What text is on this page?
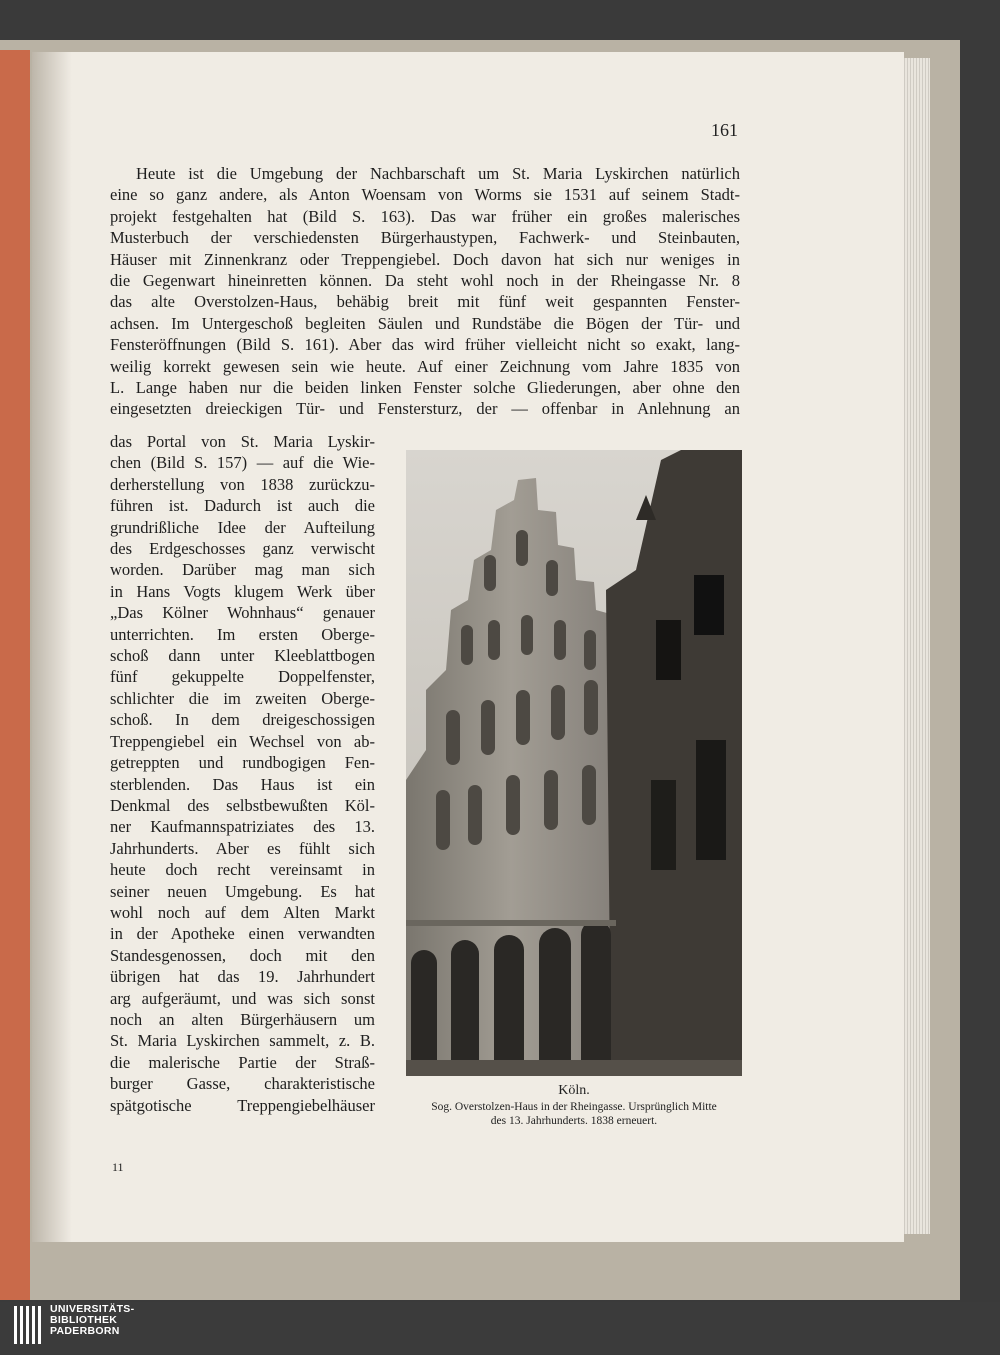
161

Heute ist die Umgebung der Nachbarschaft um St. Maria Lyskirchen natürlich

eine so ganz andere, als Anton Woensam von Worms sie 1531 auf seinem Stadt-

projekt festgehalten hat (Bild S. 163). Das war früher ein großes malerisches

Musterbuch der verschiedensten Bürgerhaustypen, Fachwerk- und Steinbauten,

Häuser mit Zinnenkranz oder Treppengiebel. Doch davon hat sich nur weniges in

die Gegenwart hineinretten können. Da steht wohl noch in der Rheingasse Nr. 8

das alte Overstolzen-Haus, behäbig breit mit fünf weit gespannten Fenster-

achsen. Im Untergeschoß begleiten Säulen und Rundstäbe die Bögen der Tür- und

Fensteröffnungen (Bild S. 161). Aber das wird früher vielleicht nicht so exakt, lang-

weilig korrekt gewesen sein wie heute. Auf einer Zeichnung vom Jahre 1835 von

L. Lange haben nur die beiden linken Fenster solche Gliederungen, aber ohne den

eingesetzten dreieckigen Tür- und Fenstersturz, der — offenbar in Anlehnung an

das Portal von St. Maria Lyskir-

chen (Bild S. 157) — auf die Wie-

derherstellung von 1838 zurückzu-

führen ist. Dadurch ist auch die

grundrißliche Idee der Aufteilung

des Erdgeschosses ganz verwischt

worden. Darüber mag man sich

in Hans Vogts klugem Werk über

„Das Kölner Wohnhaus“ genauer

unterrichten. Im ersten Oberge-

schoß dann unter Kleeblattbogen

fünf gekuppelte Doppelfenster,

schlichter die im zweiten Oberge-

schoß. In dem dreigeschossigen

Treppengiebel ein Wechsel von ab-

getreppten und rundbogigen Fen-

sterblenden. Das Haus ist ein

Denkmal des selbstbewußten Köl-

ner Kaufmannspatriziates des 13.

Jahrhunderts. Aber es fühlt sich

heute doch recht vereinsamt in

seiner neuen Umgebung. Es hat

wohl noch auf dem Alten Markt

in der Apotheke einen verwandten

Standesgenossen, doch mit den

übrigen hat das 19. Jahrhundert

arg aufgeräumt, und was sich sonst

noch an alten Bürgerhäusern um

St. Maria Lyskirchen sammelt, z. B.

die malerische Partie der Straß-

burger Gasse, charakteristische

spätgotische Treppengiebelhäuser

Köln.
Sog. Overstolzen-Haus in der Rheingasse. Ursprünglich Mitte
des 13. Jahrhunderts. 1838 erneuert.
11
UNIVERSITÄTS-
BIBLIOTHEK
PADERBORN
